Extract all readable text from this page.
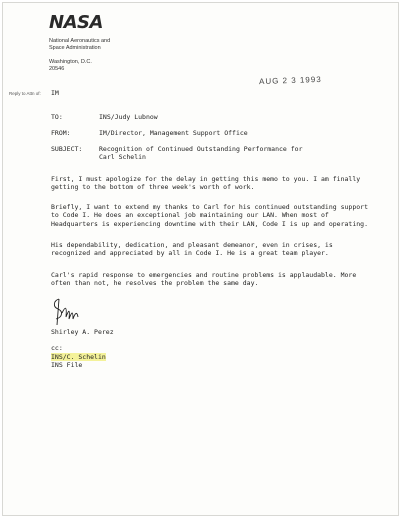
NASA
National Aeronautics and
Space Administration
Washington, D.C.
20546
AUG 2 3 1993
Reply to Attn of: IM
TO:	INS/Judy Lubnow
FROM:	IM/Director, Management Support Office
SUBJECT:	Recognition of Continued Outstanding Performance for
Carl Schelin
First, I must apologize for the delay in getting this memo to you. I am finally getting to the bottom of three week's worth of work.
Briefly, I want to extend my thanks to Carl for his continued outstanding support to Code I. He does an exceptional job maintaining our LAN. When most of Headquarters is experiencing downtime with their LAN, Code I is up and operating.
His dependability, dedication, and pleasant demeanor, even in crises, is recognized and appreciated by all in Code I. He is a great team player.
Carl's rapid response to emergencies and routine problems is applaudable. More often than not, he resolves the problem the same day.
Shirley A. Perez
cc:
INS/C. Schelin
INS File
